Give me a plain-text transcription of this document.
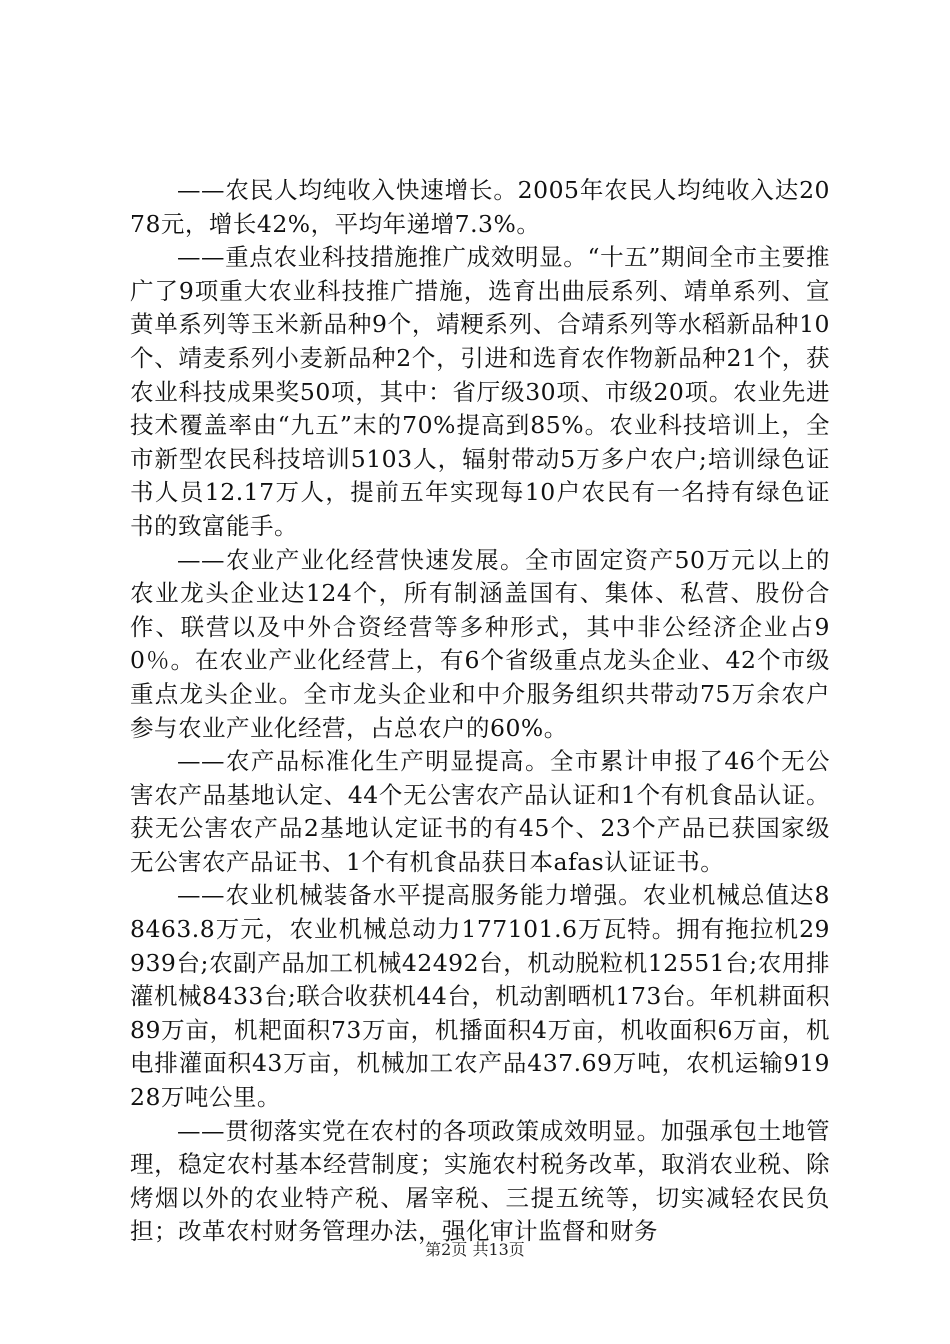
——农民人均纯收入快速增长。2005年农民人均纯收入达2078元，增长42%，平均年递增7.3%。

——重点农业科技措施推广成效明显。“十五”期间全市主要推广了9项重大农业科技推广措施，选育出曲辰系列、靖单系列、宣黄单系列等玉米新品种9个，靖粳系列、合靖系列等水稻新品种10个、靖麦系列小麦新品种2个，引进和选育农作物新品种21个，获农业科技成果奖50项，其中：省厅级30项、市级20项。农业先进技术覆盖率由“九五”末的70%提高到85%。农业科技培训上，全市新型农民科技培训5103人，辐射带动5万多户农户;培训绿色证书人员12.17万人，提前五年实现每10户农民有一名持有绿色证书的致富能手。

——农业产业化经营快速发展。全市固定资产50万元以上的农业龙头企业达124个，所有制涵盖国有、集体、私营、股份合作、联营以及中外合资经营等多种形式，其中非公经济企业占90％。在农业产业化经营上，有6个省级重点龙头企业、42个市级重点龙头企业。全市龙头企业和中介服务组织共带动75万余农户参与农业产业化经营，占总农户的60%。

——农产品标准化生产明显提高。全市累计申报了46个无公害农产品基地认定、44个无公害农产品认证和1个有机食品认证。获无公害农产品2基地认定证书的有45个、23个产品已获国家级无公害农产品证书、1个有机食品获日本afas认证证书。

——农业机械装备水平提高服务能力增强。农业机械总值达88463.8万元，农业机械总动力177101.6万瓦特。拥有拖拉机29939台;农副产品加工机械42492台，机动脱粒机12551台;农用排灌机械8433台;联合收获机44台，机动割晒机173台。年机耕面积89万亩，机耙面积73万亩，机播面积4万亩，机收面积6万亩，机电排灌面积43万亩，机械加工农产品437.69万吨，农机运输91928万吨公里。

——贯彻落实党在农村的各项政策成效明显。加强承包土地管理，稳定农村基本经营制度；实施农村税务改革，取消农业税、除烤烟以外的农业特产税、屠宰税、三提五统等，切实减轻农民负担；改革农村财务管理办法，强化审计监督和财务

第2页 共13页
